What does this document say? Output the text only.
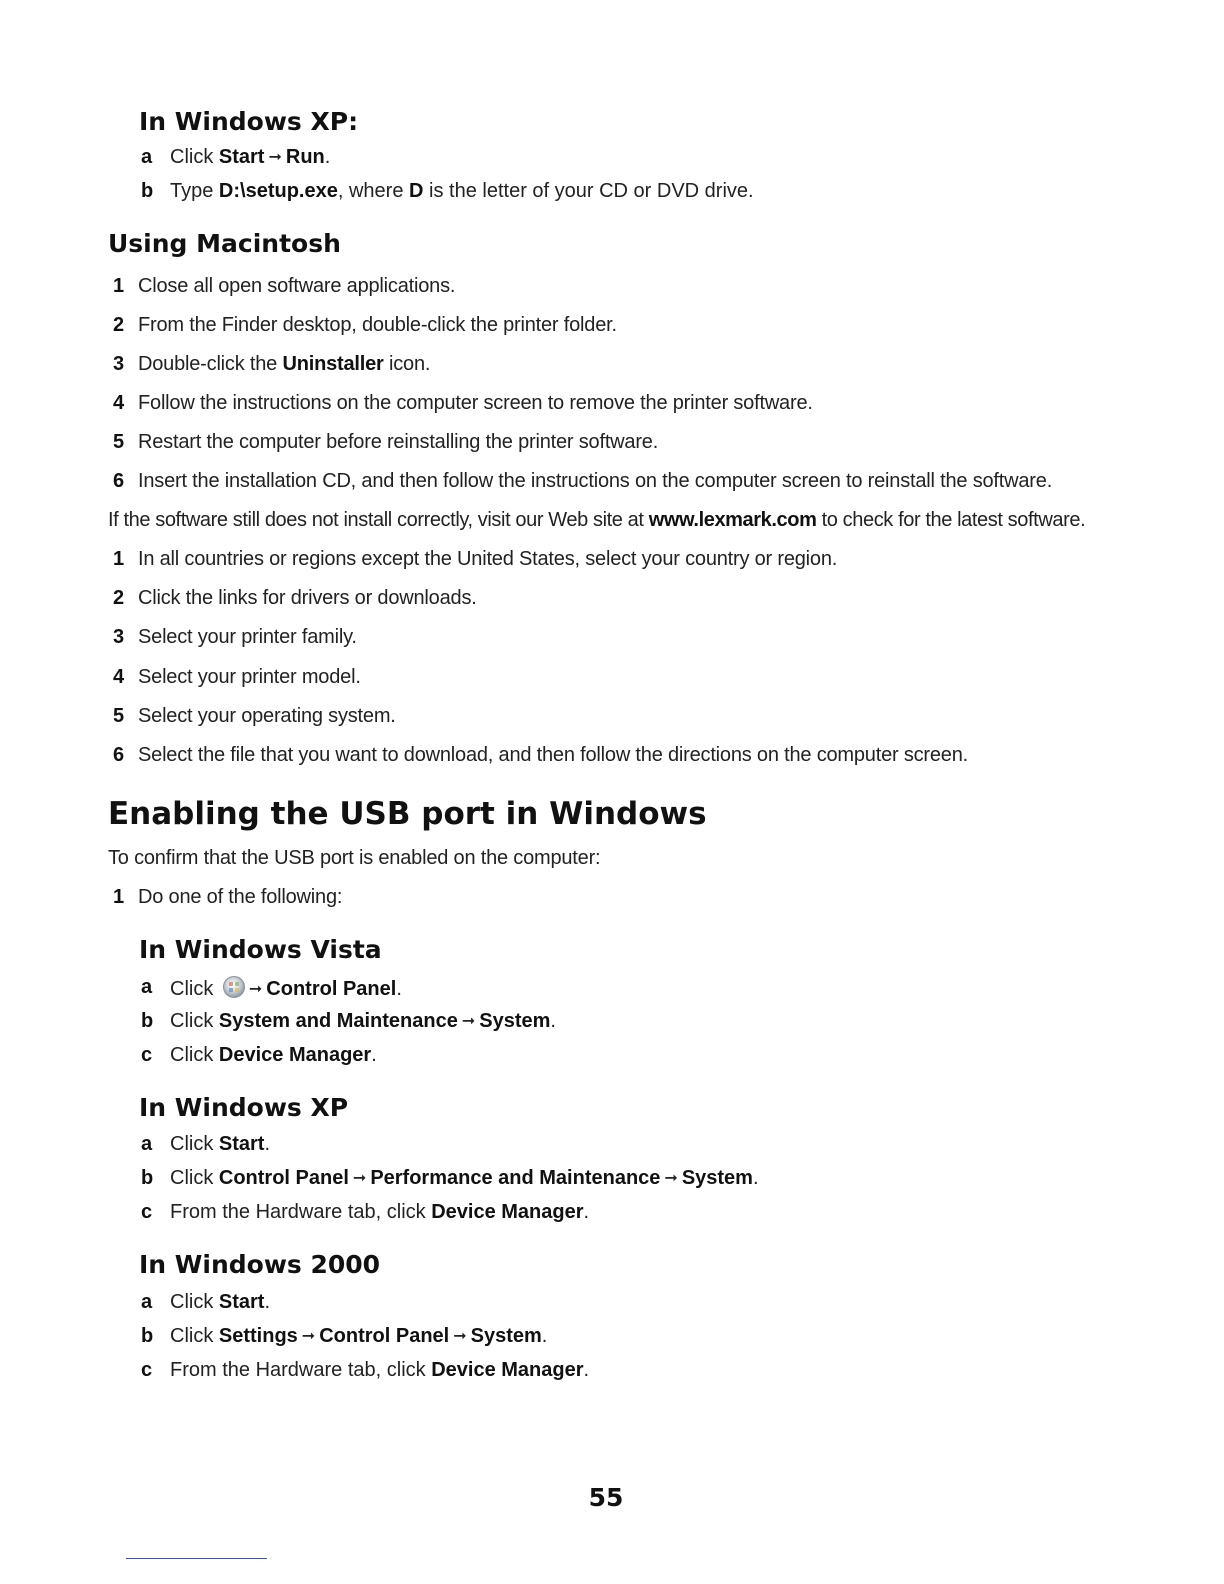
In Windows XP:
a Click Start ➞ Run.
b Type D:\setup.exe, where D is the letter of your CD or DVD drive.
Using Macintosh
1 Close all open software applications.
2 From the Finder desktop, double-click the printer folder.
3 Double-click the Uninstaller icon.
4 Follow the instructions on the computer screen to remove the printer software.
5 Restart the computer before reinstalling the printer software.
6 Insert the installation CD, and then follow the instructions on the computer screen to reinstall the software.
If the software still does not install correctly, visit our Web site at www.lexmark.com to check for the latest software.
1 In all countries or regions except the United States, select your country or region.
2 Click the links for drivers or downloads.
3 Select your printer family.
4 Select your printer model.
5 Select your operating system.
6 Select the file that you want to download, and then follow the directions on the computer screen.
Enabling the USB port in Windows
To confirm that the USB port is enabled on the computer:
1 Do one of the following:
In Windows Vista
a Click ➞ Control Panel.
b Click System and Maintenance ➞ System.
c Click Device Manager.
In Windows XP
a Click Start.
b Click Control Panel ➞ Performance and Maintenance ➞ System.
c From the Hardware tab, click Device Manager.
In Windows 2000
a Click Start.
b Click Settings ➞ Control Panel ➞ System.
c From the Hardware tab, click Device Manager.
55
